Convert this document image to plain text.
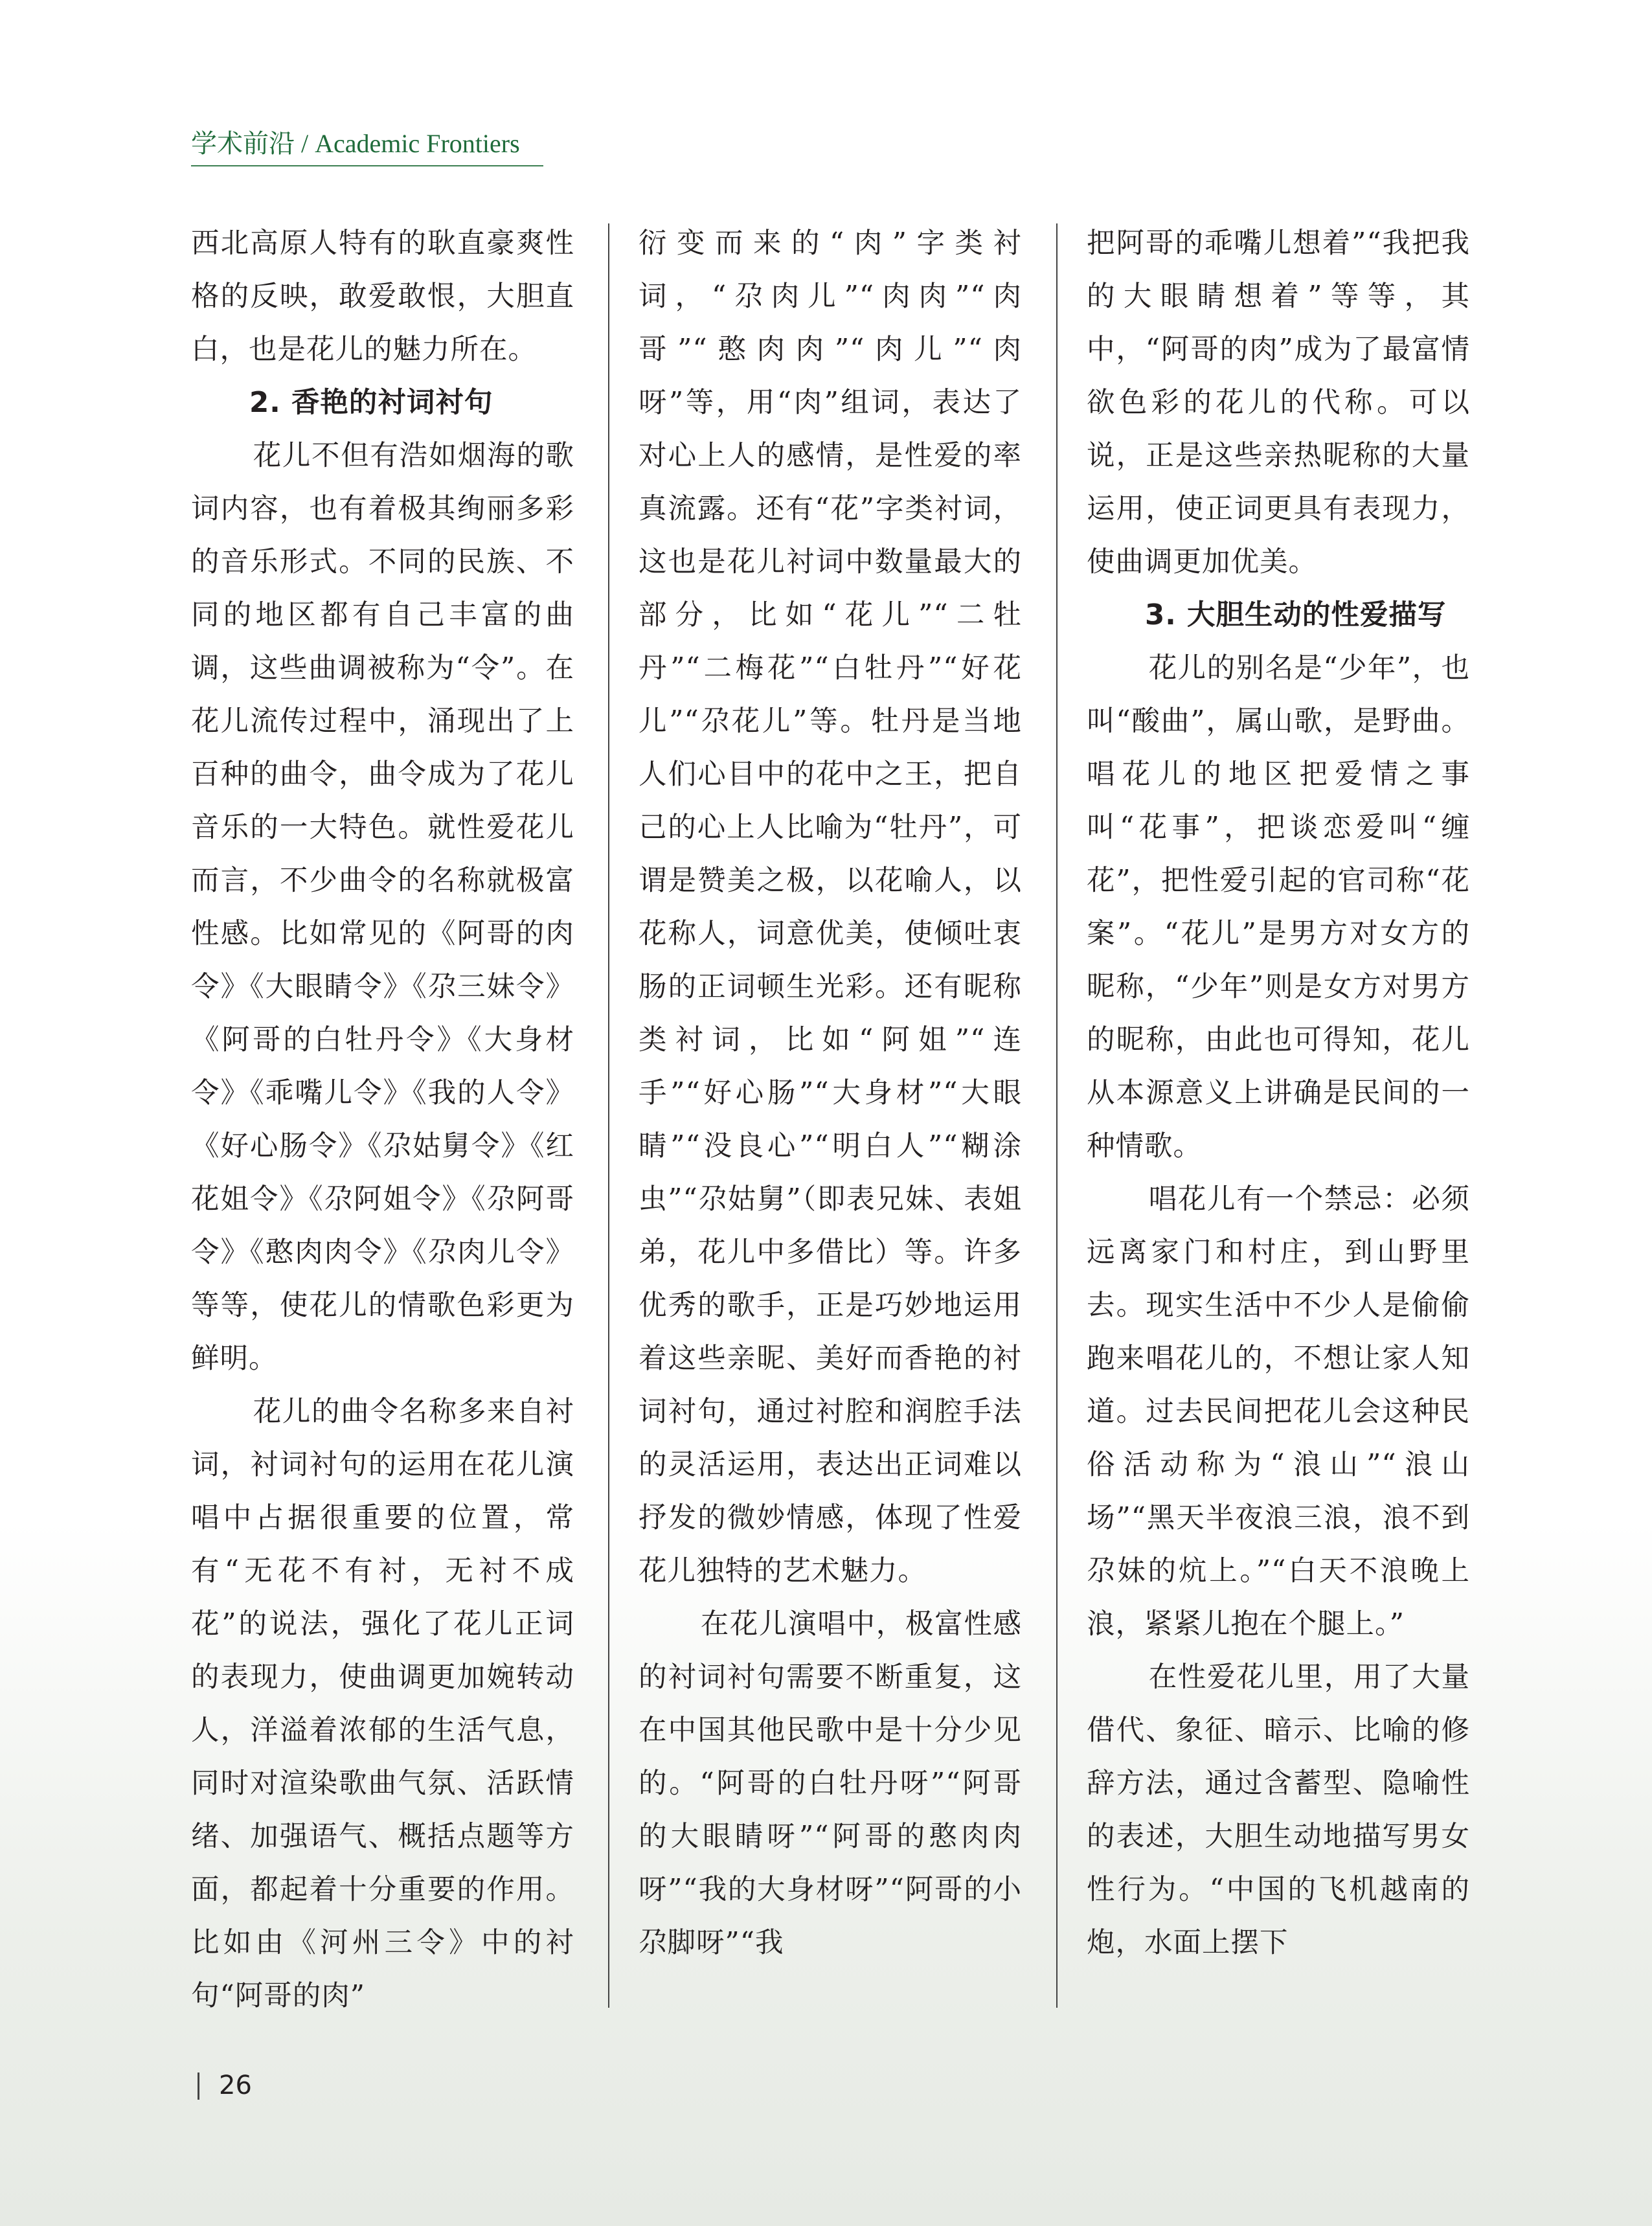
学术前沿 / Academic Frontiers

西北高原人特有的耿直豪爽性格的反映，敢爱敢恨，大胆直白，也是花儿的魅力所在。

2. 香艳的衬词衬句

花儿不但有浩如烟海的歌词内容，也有着极其绚丽多彩的音乐形式。不同的民族、不同的地区都有自己丰富的曲调，这些曲调被称为“令”。在花儿流传过程中，涌现出了上百种的曲令，曲令成为了花儿音乐的一大特色。就性爱花儿而言，不少曲令的名称就极富性感。比如常见的《阿哥的肉令》《大眼睛令》《尕三妹令》《阿哥的白牡丹令》《大身材令》《乖嘴儿令》《我的人令》《好心肠令》《尕姑舅令》《红花姐令》《尕阿姐令》《尕阿哥令》《憨肉肉令》《尕肉儿令》等等，使花儿的情歌色彩更为鲜明。

花儿的曲令名称多来自衬词，衬词衬句的运用在花儿演唱中占据很重要的位置，常有“无花不有衬，无衬不成花”的说法，强化了花儿正词的表现力，使曲调更加婉转动人，洋溢着浓郁的生活气息，同时对渲染歌曲气氛、活跃情绪、加强语气、概括点题等方面，都起着十分重要的作用。比如由《河州三令》中的衬句“阿哥的肉”

衍变而来的“肉”字类衬词，“尕肉儿”“肉肉”“肉哥”“憨肉肉”“肉儿”“肉呀”等，用“肉”组词，表达了对心上人的感情，是性爱的率真流露。还有“花”字类衬词，这也是花儿衬词中数量最大的部分，比如“花儿”“二牡丹”“二梅花”“白牡丹”“好花儿”“尕花儿”等。牡丹是当地人们心目中的花中之王，把自己的心上人比喻为“牡丹”，可谓是赞美之极，以花喻人，以花称人，词意优美，使倾吐衷肠的正词顿生光彩。还有昵称类衬词，比如“阿姐”“连手”“好心肠”“大身材”“大眼睛”“没良心”“明白人”“糊涂虫”“尕姑舅”（即表兄妹、表姐弟，花儿中多借比）等。许多优秀的歌手，正是巧妙地运用着这些亲昵、美好而香艳的衬词衬句，通过衬腔和润腔手法的灵活运用，表达出正词难以抒发的微妙情感，体现了性爱花儿独特的艺术魅力。

在花儿演唱中，极富性感的衬词衬句需要不断重复，这在中国其他民歌中是十分少见的。“阿哥的白牡丹呀”“阿哥的大眼睛呀”“阿哥的憨肉肉呀”“我的大身材呀”“阿哥的小尕脚呀”“我

把阿哥的乖嘴儿想着”“我把我的大眼睛想着”等等，其中，“阿哥的肉”成为了最富情欲色彩的花儿的代称。可以说，正是这些亲热昵称的大量运用，使正词更具有表现力，使曲调更加优美。

3. 大胆生动的性爱描写

花儿的别名是“少年”，也叫“酸曲”，属山歌，是野曲。唱花儿的地区把爱情之事叫“花事”，把谈恋爱叫“缠花”，把性爱引起的官司称“花案”。“花儿”是男方对女方的昵称，“少年”则是女方对男方的昵称，由此也可得知，花儿从本源意义上讲确是民间的一种情歌。

唱花儿有一个禁忌：必须远离家门和村庄，到山野里去。现实生活中不少人是偷偷跑来唱花儿的，不想让家人知道。过去民间把花儿会这种民俗活动称为“浪山”“浪山场”“黑天半夜浪三浪，浪不到尕妹的炕上。”“白天不浪晚上浪，紧紧儿抱在个腿上。”

在性爱花儿里，用了大量借代、象征、暗示、比喻的修辞方法，通过含蓄型、隐喻性的表述，大胆生动地描写男女性行为。“中国的飞机越南的炮，水面上摆下

26
